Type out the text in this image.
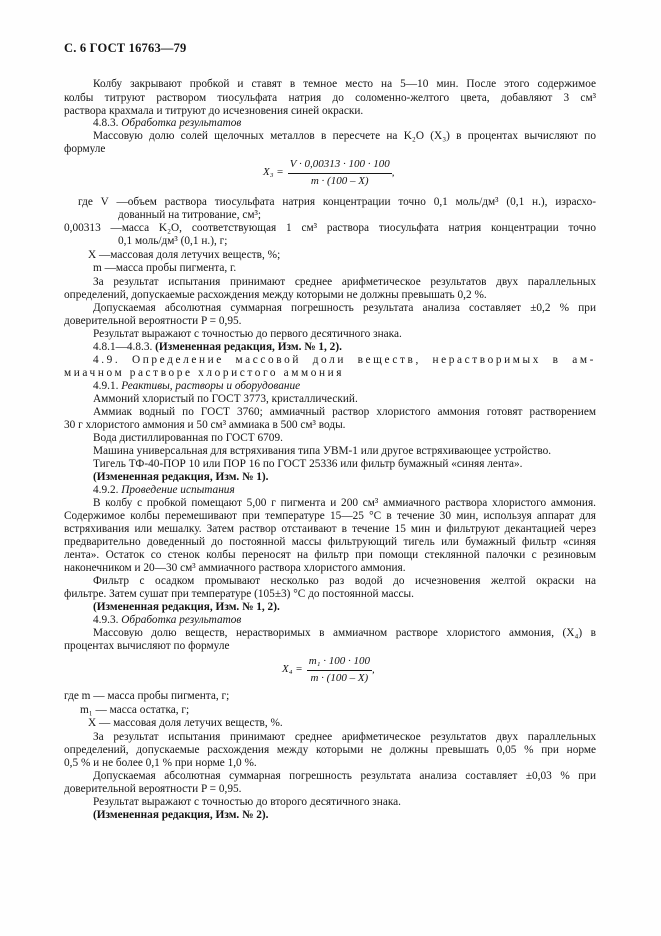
С. 6 ГОСТ 16763—79
Колбу закрывают пробкой и ставят в темное место на 5—10 мин. После этого содержимое
колбы титруют раствором тиосульфата натрия до соломенно-желтого цвета, добавляют 3 см³
раствора крахмала и титруют до исчезновения синей окраски.
4.8.3. Обработка результатов
Массовую долю солей щелочных металлов в пересчете на K₂O (X₃) в процентах вычисляют по
формуле
$X_3 = \frac{V \cdot 0,00313 \cdot 100 \cdot 100}{m \cdot (100 - X)}$ ,
где V —объем раствора тиосульфата натрия концентрации точно 0,1 моль/дм³ (0,1 н.), израсхо-
дованный на титрование, см³;
0,00313 —масса K₂O, соответствующая 1 см³ раствора тиосульфата натрия концентрации точно
0,1 моль/дм³ (0,1 н.), г;
X —массовая доля летучих веществ, %;
m —масса пробы пигмента, г.
За результат испытания принимают среднее арифметическое результатов двух параллельных
определений, допускаемые расхождения между которыми не должны превышать 0,2 %.
Допускаемая абсолютная суммарная погрешность результата анализа составляет ±0,2 % при
доверительной вероятности P = 0,95.
Результат выражают с точностью до первого десятичного знака.
4.8.1—4.8.3. (Измененная редакция, Изм. № 1, 2).
4.9. Определение массовой доли веществ, нерастворимых в ам-
миачном растворе хлористого аммония
4.9.1. Реактивы, растворы и оборудование
Аммоний хлористый по ГОСТ 3773, кристаллический.
Аммиак водный по ГОСТ 3760; аммиачный раствор хлористого аммония готовят растворением
30 г хлористого аммония и 50 см³ аммиака в 500 см³ воды.
Вода дистиллированная по ГОСТ 6709.
Машина универсальная для встряхивания типа УВМ-1 или другое встряхивающее устройство.
Тигель ТФ-40-ПОР 10 или ПОР 16 по ГОСТ 25336 или фильтр бумажный «синяя лента».
(Измененная редакция, Изм. № 1).
4.9.2. Проведение испытания
В колбу с пробкой помещают 5,00 г пигмента и 200 см³ аммиачного раствора хлористого аммония.
Содержимое колбы перемешивают при температуре 15—25 °С в течение 30 мин, используя аппарат для
встряхивания или мешалку. Затем раствор отстаивают в течение 15 мин и фильтруют декантацией через
предварительно доведенный до постоянной массы фильтрующий тигель или бумажный фильтр «синяя
лента». Остаток со стенок колбы переносят на фильтр при помощи стеклянной палочки с резиновым
наконечником и 20—30 см³ аммиачного раствора хлористого аммония.
Фильтр с осадком промывают несколько раз водой до исчезновения желтой окраски на
фильтре. Затем сушат при температуре (105±3) °С до постоянной массы.
(Измененная редакция, Изм. № 1, 2).
4.9.3. Обработка результатов
Массовую долю веществ, нерастворимых в аммиачном растворе хлористого аммония, (X₄) в
процентах вычисляют по формуле
$X_4 = \frac{\text{m₁ · 100 · 100}}{m \cdot (100 - X)}$ ,
где m — масса пробы пигмента, г;
m₁ — масса остатка, г;
X — массовая доля летучих веществ, %.
За результат испытания принимают среднее арифметическое результатов двух параллельных
определений, допускаемые расхождения между которыми не должны превышать 0,05 % при норме
0,5 % и не более 0,1 % при норме 1,0 %.
Допускаемая абсолютная суммарная погрешность результата анализа составляет ±0,03 % при
доверительной вероятности P = 0,95.
Результат выражают с точностью до второго десятичного знака.
(Измененная редакция, Изм. № 2).
